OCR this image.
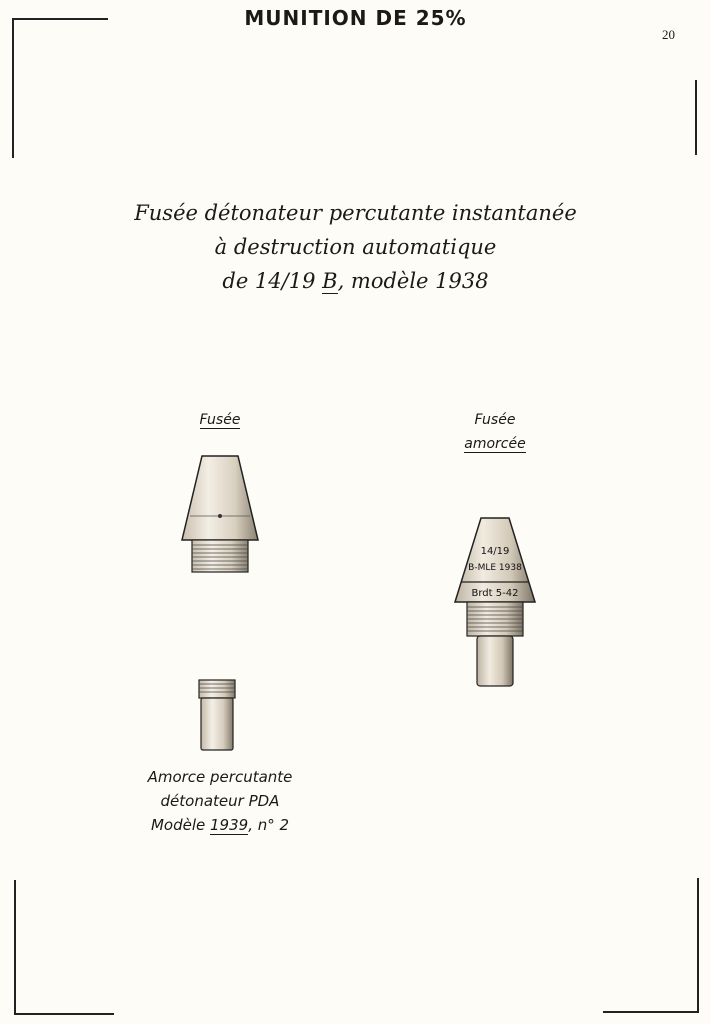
MUNITION DE 25%
20
Fusée détonateur percutante instantanée
à destruction automatique
de 14/19 B, modèle 1938
Fusée	Fusée
amorcée
14/19
B-MLE 1938
Brdt 5-42
Amorce percutante
détonateur PDA
Modèle 1939, n° 2
